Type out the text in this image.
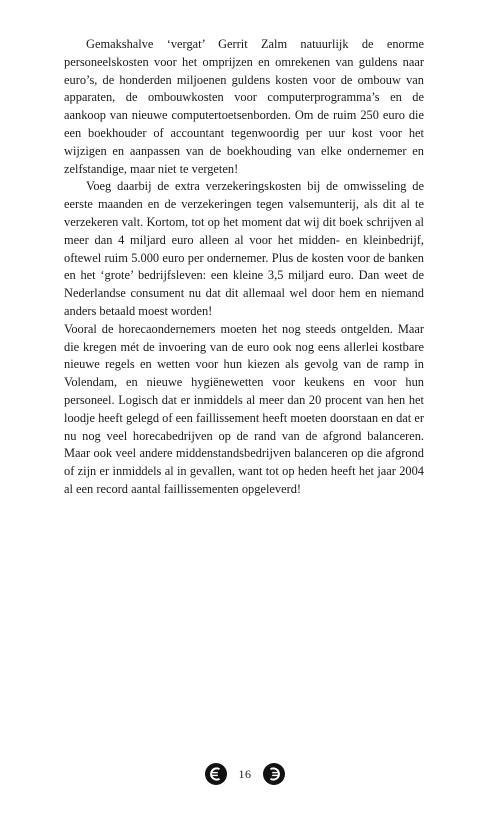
Gemakshalve ‘vergat’ Gerrit Zalm natuurlijk de enorme personeelskosten voor het omprijzen en omrekenen van guldens naar euro’s, de honderden miljoenen guldens kosten voor de ombouw van apparaten, de ombouwkosten voor computerprogramma’s en de aankoop van nieuwe computertoetsenborden. Om de ruim 250 euro die een boekhouder of accountant tegenwoordig per uur kost voor het wijzigen en aanpassen van de boekhouding van elke ondernemer en zelfstandige, maar niet te vergeten!

Voeg daarbij de extra verzekeringskosten bij de omwisseling de eerste maanden en de verzekeringen tegen valsemunterij, als dit al te verzekeren valt. Kortom, tot op het moment dat wij dit boek schrijven al meer dan 4 miljard euro alleen al voor het midden- en kleinbedrijf, oftewel ruim 5.000 euro per ondernemer. Plus de kosten voor de banken en het ‘grote’ bedrijfsleven: een kleine 3,5 miljard euro. Dan weet de Nederlandse consument nu dat dit allemaal wel door hem en niemand anders betaald moest worden!

Vooral de horecaondernemers moeten het nog steeds ontgelden. Maar die kregen mét de invoering van de euro ook nog eens allerlei kostbare nieuwe regels en wetten voor hun kiezen als gevolg van de ramp in Volendam, en nieuwe hygiënewetten voor keukens en voor hun personeel. Logisch dat er inmiddels al meer dan 20 procent van hen het loodje heeft gelegd of een faillissement heeft moeten doorstaan en dat er nu nog veel horecabedrijven op de rand van de afgrond balanceren. Maar ook veel andere middenstandsbedrijven balanceren op die afgrond of zijn er inmiddels al in gevallen, want tot op heden heeft het jaar 2004 al een record aantal faillissementen opgeleverd!

16
